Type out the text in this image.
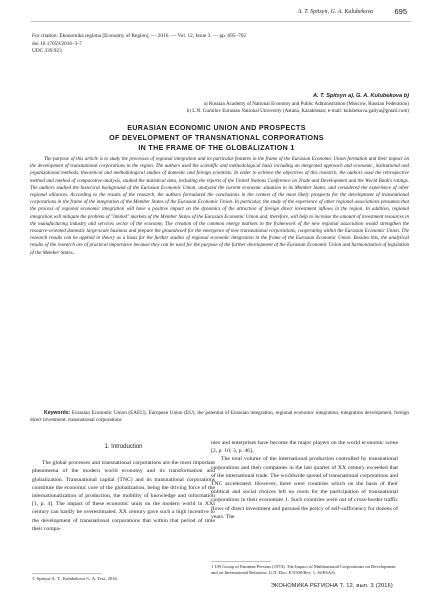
A. T. Spitsyn, G. A. Kulubekova	695
For citation: Ekonomika regiona [Economy of Region]. — 2016. — Vol. 12, Issue 3. — pp. 695–702
doi 10.17059/2016–3-7
UDC 339.923
A. T. Spitsyn a), G. A. Kulubekova b)
a) Russian Academy of National Economy and Public Administration (Moscow, Russian Federation)
b) L.N. Gumilov Eurasian National University (Astana, Kazakhstan; e-mail: kulubekova.galiya@gmail.com)
EURASIAN ECONOMIC UNION AND PROSPECTS
OF DEVELOPMENT OF TRANSNATIONAL CORPORATIONS
IN THE FRAME OF THE GLOBALIZATION 1
The purpose of this article is to study the processes of regional integration and its particular features in the frame of the Eurasian Economic Union formation and their impact on the development of transnational corporations in the region. The authors used the scientific and methodological basis including an integrated approach and economic, institutional and organizational methods, theoretical and methodological studies of domestic and foreign scientists. In order to achieve the objectives of this research, the authors used the retrospective method and method of comparative analysis, studied the statistical data, including the reports of the United Nations Conference on Trade and Development and the World Bank's ratings. The authors studied the historical background of the Eurasian Economic Union, analyzed the current economic situation in its Member States, and considered the experience of other regional alliances. According to the results of the research, the authors formulated the conclusions in the context of the most likely prospects for the development of transnational corporations in the frame of the integration of the Member States of the Eurasian Economic Union. In particular, the study of the experience of other regional associations presumes that the process of regional economic integration will have a positive impact on the dynamics of the attraction of foreign direct investment inflows in the region. In addition, regional integration will mitigate the problem of "limited" markets of the Member States of the Eurasian Economic Union and, therefore, will help to increase the amount of investment resources in the manufacturing industry and services sector of the economy. The creation of the common energy markets in the framework of the new regional association would strengthen the resource-oriented domestic large-scale business and prepare the groundwork for the emergence of new transnational corporations, cooperating within the Eurasian Economic Union. The research results can be applied in theory as a basis for the further studies of regional economic integration in the frame of the Eurasian Economic Union. Besides this, the analytical results of the research are of practical importance because they can be used for the purpose of the further development of the Eurasian Economic Union and harmonization of legislation of the Member States.
Keywords: Eurasian Economic Union (EAEU), European Union (EU), the potential of Eurasian integration, regional economic integration, integration development, foreign direct investment, transnational corporations
1. Introduction

The global processes and transnational corporations are the most important phenomena of the modern world economy and its transformation and globalization. Transnational capital (TNC) and its transnational corporations constitute the economic core of the globalization, being the driving force of the internationalization of production, the mobility of knowledge and information [1, p. 4]. The impact of these economic units on the modern world in XXI century can hardly be overestimated. XX century gave such a high incentive to the development of transnational corporations that within that period of time their compa-

nies and enterprises have become the major players on the world economic scene [2, p. 10; 3, p. 46].

The total volume of the international production controlled by transnational corporations and their companies in the last quarter of XX century exceeded that of the international trade. The worldwide spread of transnational corporations and TNC accelerated. However, there were countries which on the basis of their political and social choices left no room for the participation of transnational corporations in their economies 1. Such countries were out of cross-border traffic flows of direct investment and pursued the policy of self-sufficiency for dozens of years. The

© Spitsyn A. T., Kulubekova G. A. Text. 2016.
1 UN Group of Eminent Persons (1974). The Impact of Multinational Corporations on Development and on International Relations. U.N. Doc. E/5500/Rev. 1, St/ESA/6.
ЭКОНОМИКА РЕГИОНА Т. 12, вып. 3 (2016)
